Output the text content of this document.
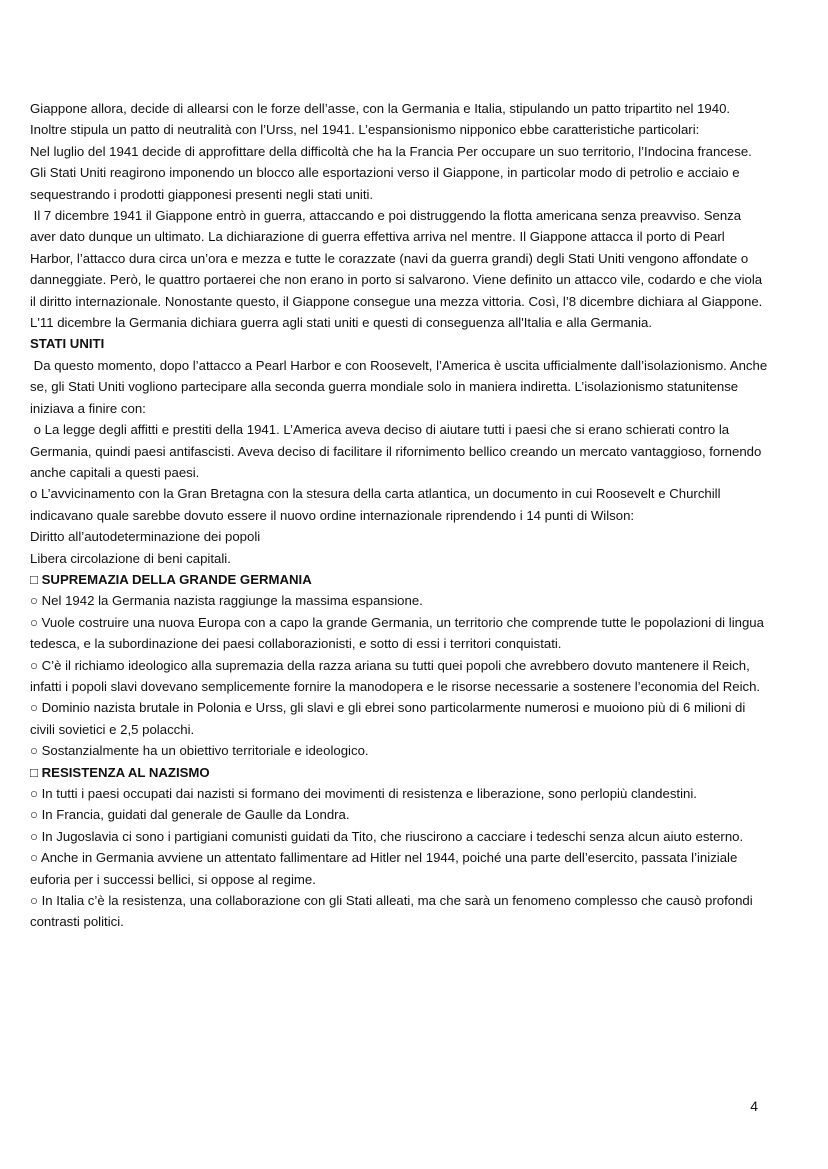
Giappone allora, decide di allearsi con le forze dell’asse, con la Germania e Italia, stipulando un patto tripartito nel 1940. Inoltre stipula un patto di neutralità con l’Urss, nel 1941. L’espansionismo nipponico ebbe caratteristiche particolari:

Nel luglio del 1941 decide di approfittare della difficoltà che ha la Francia Per occupare un suo territorio, l’Indocina francese. Gli Stati Uniti reagirono imponendo un blocco alle esportazioni verso il Giappone, in particolar modo di petrolio e acciaio e sequestrando i prodotti giapponesi presenti negli stati uniti.

Il 7 dicembre 1941 il Giappone entrò in guerra, attaccando e poi distruggendo la flotta americana senza preavviso. Senza aver dato dunque un ultimato. La dichiarazione di guerra effettiva arriva nel mentre. Il Giappone attacca il porto di Pearl Harbor, l’attacco dura circa un’ora e mezza e tutte le corazzate (navi da guerra grandi) degli Stati Uniti vengono affondate o danneggiate. Però, le quattro portaerei che non erano in porto si salvarono. Viene definito un attacco vile, codardo e che viola il diritto internazionale. Nonostante questo, il Giappone consegue una mezza vittoria. Così, l’8 dicembre dichiara al Giappone. L'11 dicembre la Germania dichiara guerra agli stati uniti e questi di conseguenza all'Italia e alla Germania.

STATI UNITI

Da questo momento, dopo l’attacco a Pearl Harbor e con Roosevelt, l’America è uscita ufficialmente dall’isolazionismo. Anche se, gli Stati Uniti vogliono partecipare alla seconda guerra mondiale solo in maniera indiretta. L’isolazionismo statunitense iniziava a finire con:

o La legge degli affitti e prestiti della 1941. L’America aveva deciso di aiutare tutti i paesi che si erano schierati contro la Germania, quindi paesi antifascisti. Aveva deciso di facilitare il rifornimento bellico creando un mercato vantaggioso, fornendo anche capitali a questi paesi.

o L’avvicinamento con la Gran Bretagna con la stesura della carta atlantica, un documento in cui Roosevelt e Churchill indicavano quale sarebbe dovuto essere il nuovo ordine internazionale riprendendo i 14 punti di Wilson:

Diritto all’autodeterminazione dei popoli

Libera circolazione di beni capitali.

□ SUPREMAZIA DELLA GRANDE GERMANIA

○ Nel 1942 la Germania nazista raggiunge la massima espansione.

○ Vuole costruire una nuova Europa con a capo la grande Germania, un territorio che comprende tutte le popolazioni di lingua tedesca, e la subordinazione dei paesi collaborazionisti, e sotto di essi i territori conquistati.

○ C’è il richiamo ideologico alla supremazia della razza ariana su tutti quei popoli che avrebbero dovuto mantenere il Reich, infatti i popoli slavi dovevano semplicemente fornire la manodopera e le risorse necessarie a sostenere l’economia del Reich.

○ Dominio nazista brutale in Polonia e Urss, gli slavi e gli ebrei sono particolarmente numerosi e muoiono più di 6 milioni di civili sovietici e 2,5 polacchi.

○ Sostanzialmente ha un obiettivo territoriale e ideologico.

□ RESISTENZA AL NAZISMO

○ In tutti i paesi occupati dai nazisti si formano dei movimenti di resistenza e liberazione, sono perlopiù clandestini.

○ In Francia, guidati dal generale de Gaulle da Londra.

○ In Jugoslavia ci sono i partigiani comunisti guidati da Tito, che riuscirono a cacciare i tedeschi senza alcun aiuto esterno.

○ Anche in Germania avviene un attentato fallimentare ad Hitler nel 1944, poiché una parte dell’esercito, passata l’iniziale euforia per i successi bellici, si oppose al regime.

○ In Italia c’è la resistenza, una collaborazione con gli Stati alleati, ma che sarà un fenomeno complesso che causò profondi contrasti politici.

4
